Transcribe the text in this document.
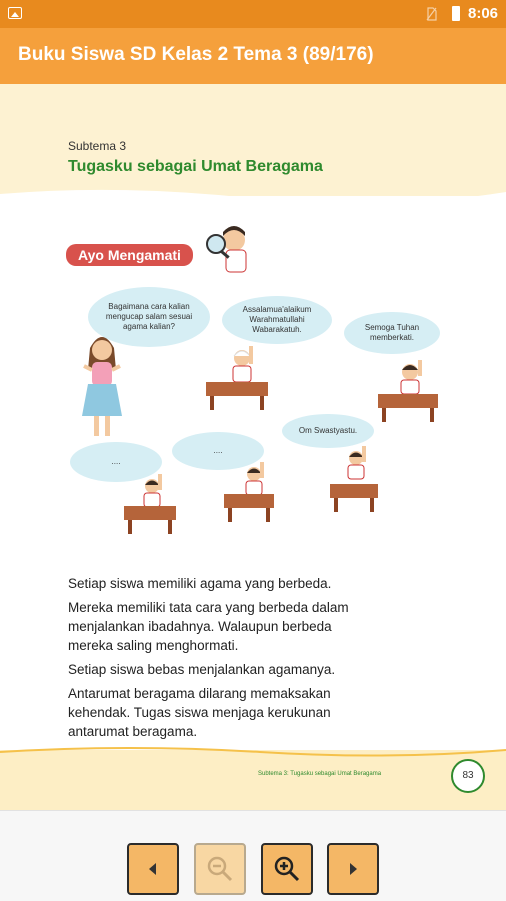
8:06
Buku Siswa SD Kelas 2 Tema 3 (89/176)
Subtema 3
Tugasku sebagai Umat Beragama
Ayo Mengamati
Bagaimana cara kalian mengucap salam sesuai agama kalian?
Assalamua'alaikum Warahmatullahi Wabarakatuh.	Semoga Tuhan memberkati.
....
....
Om Swastyastu.
Setiap siswa memiliki agama yang berbeda.
Mereka memiliki tata cara yang berbeda dalam
menjalankan ibadahnya. Walaupun berbeda
mereka saling menghormati.
Setiap siswa bebas menjalankan agamanya.
Antarumat beragama dilarang memaksakan
kehendak. Tugas siswa menjaga kerukunan
antarumat beragama.
Subtema 3: Tugasku sebagai Umat Beragama	83
